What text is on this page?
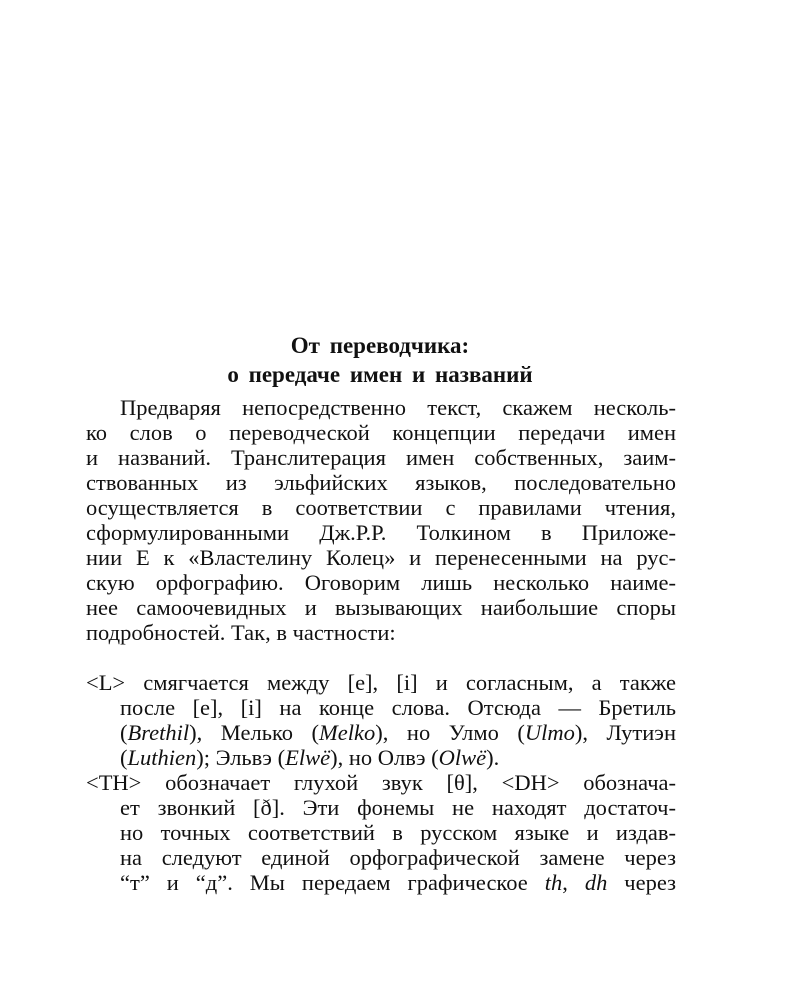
От переводчика:
о передаче имен и названий
Предваряя непосредственно текст, скажем несколь-
ко слов о переводческой концепции передачи имен
и названий. Транслитерация имен собственных, заим-
ствованных из эльфийских языков, последовательно
осуществляется в соответствии с правилами чтения,
сформулированными Дж.Р.Р. Толкином в Приложе-
нии Е к «Властелину Колец» и перенесенными на рус-
скую орфографию. Оговорим лишь несколько наиме-
нее самоочевидных и вызывающих наибольшие споры
подробностей. Так, в частности:
<L> смягчается между [e], [i] и согласным, а также
после [e], [i] на конце слова. Отсюда — Бретиль
(Brethil), Мелько (Melko), но Улмо (Ulmo), Лутиэн
(Luthien); Эльвэ (Elwë), но Олвэ (Olwë).
<TH> обозначает глухой звук [θ], <DH> обознача-
ет звонкий [ð]. Эти фонемы не находят достаточ-
но точных соответствий в русском языке и издав-
на следуют единой орфографической замене через
“т” и “д”. Мы передаем графическое th, dh через
